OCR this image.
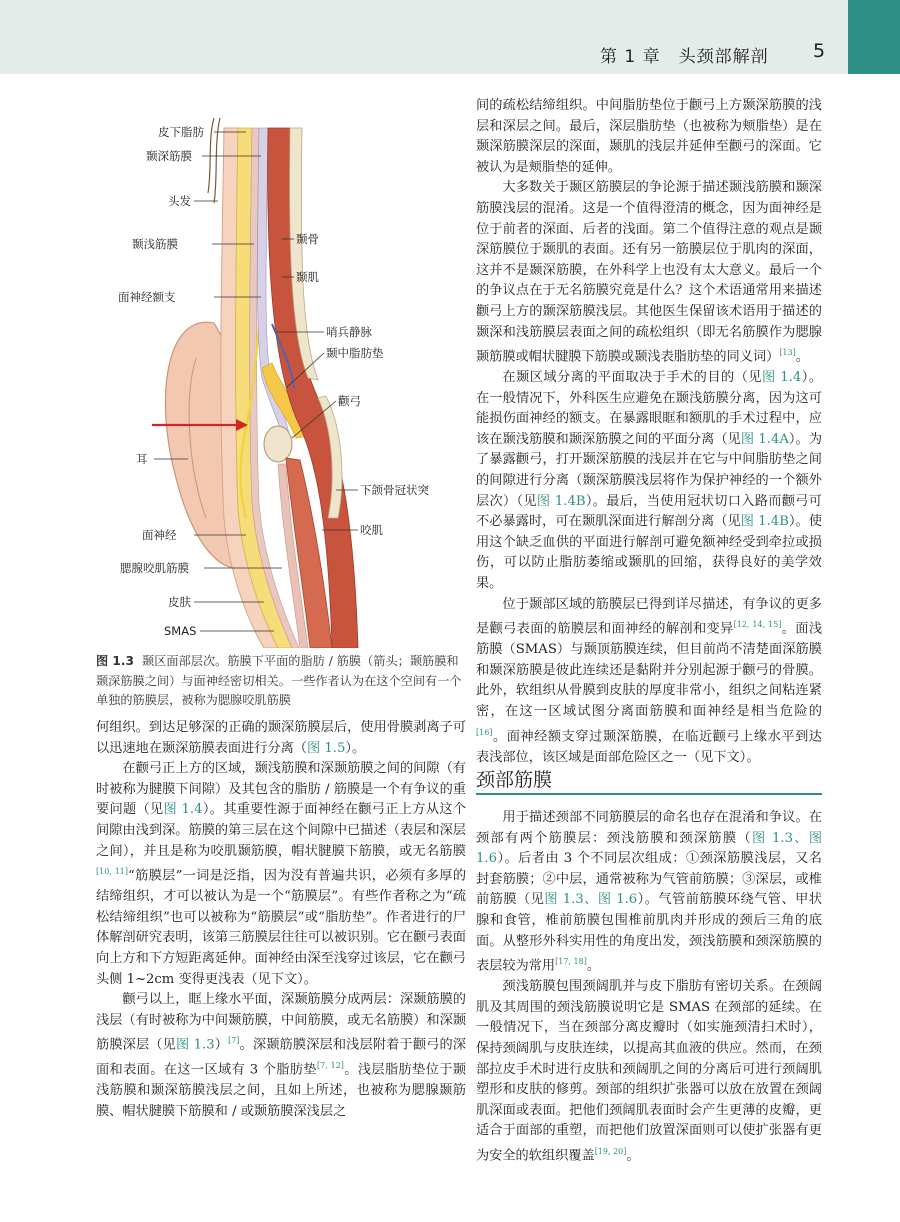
第 1 章　头颈部解剖 5
皮下脂肪
颞深筋膜
头发
颞浅筋膜
面神经额支
颞骨
颞肌
哨兵静脉
颞中脂肪垫
颧弓
耳
下颌骨冠状突
咬肌
面神经
腮腺咬肌筋膜
皮肤
SMAS
图 1.3 颞区面部层次。筋膜下平面的脂肪 / 筋膜（箭头；颞筋膜和颞深筋膜之间）与面神经密切相关。一些作者认为在这个空间有一个单独的筋膜层，被称为腮腺咬肌筋膜

何组织。到达足够深的正确的颞深筋膜层后，使用骨膜剥离子可以迅速地在颞深筋膜表面进行分离（图 1.5）。

在颧弓正上方的区域，颞浅筋膜和深颞筋膜之间的间隙（有时被称为腱膜下间隙）及其包含的脂肪 / 筋膜是一个有争议的重要问题（见图 1.4）。其重要性源于面神经在颧弓正上方从这个间隙由浅到深。筋膜的第三层在这个间隙中已描述（表层和深层之间），并且是称为咬肌颞筋膜，帽状腱膜下筋膜，或无名筋膜[10, 11]“筋膜层”一词是泛指，因为没有普遍共识，必须有多厚的结缔组织，才可以被认为是一个“筋膜层”。有些作者称之为“疏松结缔组织”也可以被称为“筋膜层”或“脂肪垫”。作者进行的尸体解剖研究表明，该第三筋膜层往往可以被识别。它在颧弓表面向上方和下方短距离延伸。面神经由深至浅穿过该层，它在颧弓头侧 1~2cm 变得更浅表（见下文）。

颧弓以上，眶上缘水平面，深颞筋膜分成两层：深颞筋膜的浅层（有时被称为中间颞筋膜，中间筋膜，或无名筋膜）和深颞筋膜深层（见图 1.3）[7]。深颞筋膜深层和浅层附着于颧弓的深面和表面。在这一区域有 3 个脂肪垫[7, 12]。浅层脂肪垫位于颞浅筋膜和颞深筋膜浅层之间，且如上所述，也被称为腮腺颞筋膜、帽状腱膜下筋膜和 / 或颞筋膜深浅层之

间的疏松结缔组织。中间脂肪垫位于颧弓上方颞深筋膜的浅层和深层之间。最后，深层脂肪垫（也被称为颊脂垫）是在颞深筋膜深层的深面，颞肌的浅层并延伸至颧弓的深面。它被认为是颊脂垫的延伸。

大多数关于颞区筋膜层的争论源于描述颞浅筋膜和颞深筋膜浅层的混淆。这是一个值得澄清的概念，因为面神经是位于前者的深面、后者的浅面。第二个值得注意的观点是颞深筋膜位于颞肌的表面。还有另一筋膜层位于肌肉的深面，这并不是颞深筋膜，在外科学上也没有太大意义。最后一个的争议点在于无名筋膜究竟是什么？这个术语通常用来描述颧弓上方的颞深筋膜浅层。其他医生保留该术语用于描述的颞深和浅筋膜层表面之间的疏松组织（即无名筋膜作为腮腺颞筋膜或帽状腱膜下筋膜或颞浅表脂肪垫的同义词）[13]。

在颞区域分离的平面取决于手术的目的（见图 1.4）。在一般情况下，外科医生应避免在颞浅筋膜分离，因为这可能损伤面神经的额支。在暴露眼眶和额肌的手术过程中，应该在颞浅筋膜和颞深筋膜之间的平面分离（见图 1.4A）。为了暴露颧弓，打开颞深筋膜的浅层并在它与中间脂肪垫之间的间隙进行分离（颞深筋膜浅层将作为保护神经的一个额外层次）（见图 1.4B）。最后，当使用冠状切口入路而颧弓可不必暴露时，可在颞肌深面进行解剖分离（见图 1.4B）。使用这个缺乏血供的平面进行解剖可避免额神经受到牵拉或损伤，可以防止脂肪萎缩或颞肌的回缩，获得良好的美学效果。

位于颞部区域的筋膜层已得到详尽描述，有争议的更多是颧弓表面的筋膜层和面神经的解剖和变异[12, 14, 15]。面浅筋膜（SMAS）与颞顶筋膜连续，但目前尚不清楚面深筋膜和颞深筋膜是彼此连续还是黏附并分别起源于颧弓的骨膜。此外，软组织从骨膜到皮肤的厚度非常小，组织之间粘连紧密，在这一区域试图分离面筋膜和面神经是相当危险的[16]。面神经额支穿过颞深筋膜，在临近颧弓上缘水平到达表浅部位，该区域是面部危险区之一（见下文）。

颈部筋膜

用于描述颈部不同筋膜层的命名也存在混淆和争议。在颈部有两个筋膜层：颈浅筋膜和颈深筋膜（图 1.3、图 1.6）。后者由 3 个不同层次组成：①颈深筋膜浅层，又名封套筋膜；②中层，通常被称为气管前筋膜；③深层，或椎前筋膜（见图 1.3、图 1.6）。气管前筋膜环绕气管、甲状腺和食管，椎前筋膜包围椎前肌肉并形成的颈后三角的底面。从整形外科实用性的角度出发，颈浅筋膜和颈深筋膜的表层较为常用[17, 18]。

颈浅筋膜包围颈阔肌并与皮下脂肪有密切关系。在颈阔肌及其周围的颈浅筋膜说明它是 SMAS 在颈部的延续。在一般情况下，当在颈部分离皮瓣时（如实施颈清扫术时），保持颈阔肌与皮肤连续，以提高其血液的供应。然而，在颈部拉皮手术时进行皮肤和颈阔肌之间的分离后可进行颈阔肌塑形和皮肤的修剪。颈部的组织扩张器可以放在放置在颈阔肌深面或表面。把他们颈阔肌表面时会产生更薄的皮瓣，更适合于面部的重塑，而把他们放置深面则可以使扩张器有更为安全的软组织覆盖[19, 20]。
